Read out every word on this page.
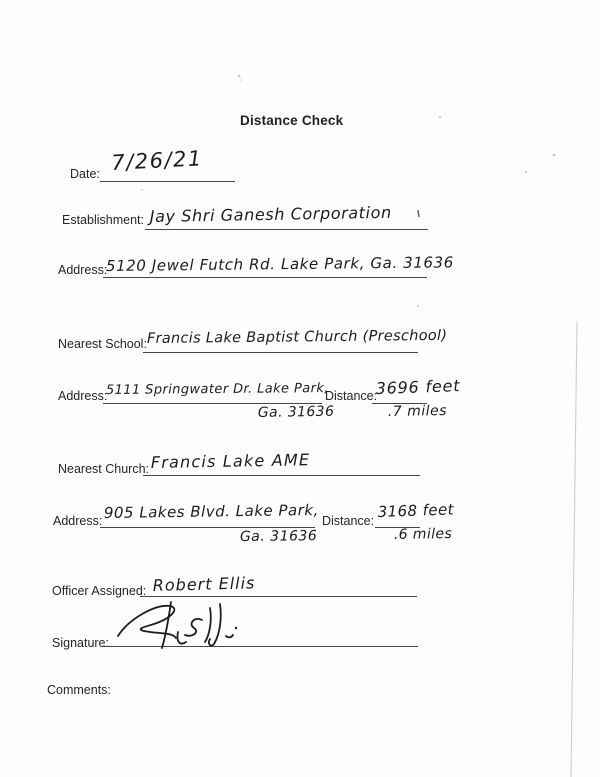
Distance Check
Date: 7/26/21
Establishment: Jay Shri Ganesh Corporation
Address:
5120 Jewel Futch Rd. Lake Park, Ga. 31636
Nearest School: Francis Lake Baptist Church (Preschool)
Address:
5111 Springwater Dr. Lake Park,
Ga. 31636
Distance:
3696 feet
.7 miles
Nearest Church: Francis Lake AME
Address: 905 Lakes Blvd. Lake Park,
Ga. 31636
Distance: 3168 feet
.6 miles
Officer Assigned: Robert Ellis
Signature:
Comments:
